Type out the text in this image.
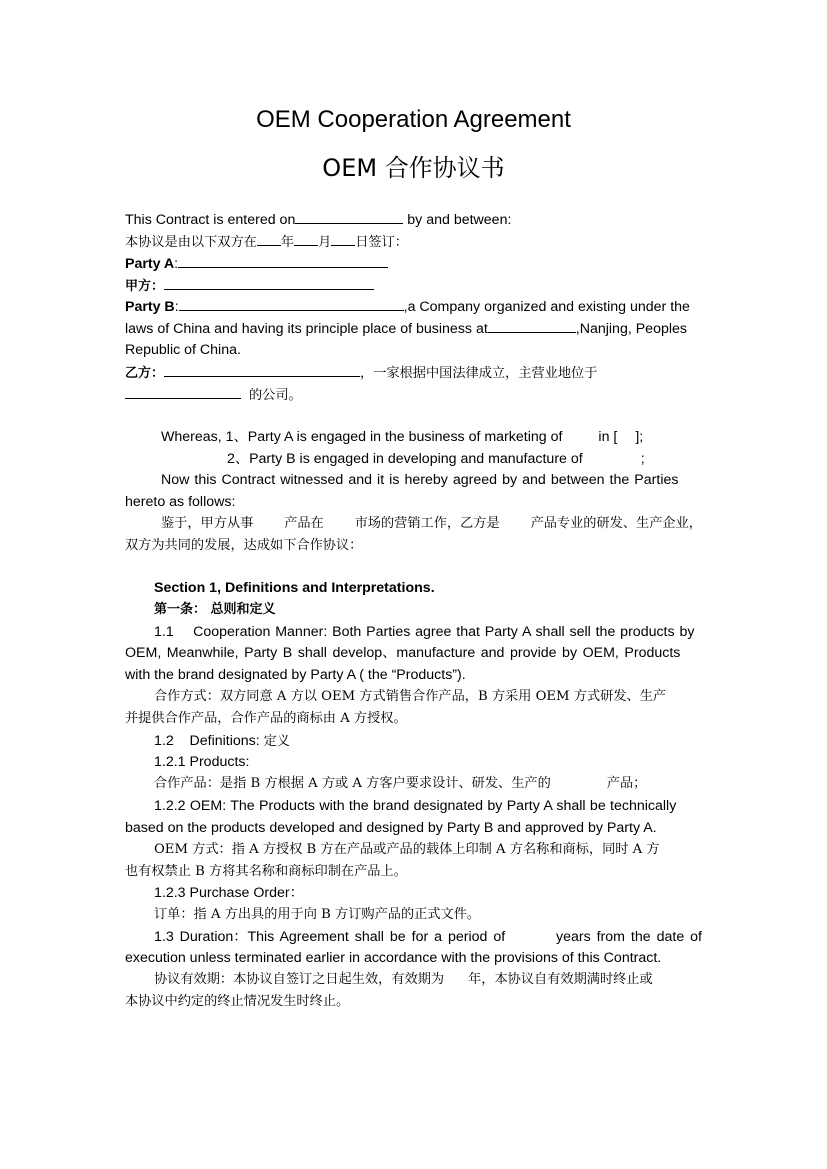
OEM Cooperation Agreement
OEM 合作协议书
This Contract is entered on	by and between:
本协议是由以下双方在 年 月 日签订：
Party A:
甲方：
Party B:	,a Company organized and existing under the
laws of China and having its principle place of business at	,Nanjing, Peoples
Republic of China.
乙方：	，一家根据中国法律成立，主营业地位于
的公司。
Whereas, 1、Party A is engaged in the business of marketing of	in [ ];
2、Party B is engaged in developing and manufacture of	;
Now this Contract witnessed and it is hereby agreed by and between the Parties
hereto as follows:
鉴于，甲方从事 产品在 市场的营销工作，乙方是 产品专业的研发、生产企业，
双方为共同的发展，达成如下合作协议：
Section 1, Definitions and Interpretations.
第一条： 总则和定义
1.1    Cooperation Manner: Both Parties agree that Party A shall sell the products by
OEM, Meanwhile, Party B shall develop、manufacture and provide by OEM, Products
with the brand designated by Party A ( the “Products”).
合作方式：双方同意 A 方以 OEM 方式销售合作产品，B 方采用 OEM 方式研发、生产
并提供合作产品，合作产品的商标由 A 方授权。
1.2    Definitions: 定义
1.2.1 Products:
合作产品：是指 B 方根据 A 方或 A 方客户要求设计、研发、生产的	产品；
1.2.2 OEM: The Products with the brand designated by Party A shall be technically
based on the products developed and designed by Party B and approved by Party A.
OEM 方式：指 A 方授权 B 方在产品或产品的载体上印制 A 方名称和商标，同时 A 方
也有权禁止 B 方将其名称和商标印制在产品上。
1.2.3 Purchase Order：
订单：指 A 方出具的用于向 B 方订购产品的正式文件。
1.3 Duration：This Agreement shall be for a period of	years from the date of
execution unless terminated earlier in accordance with the provisions of this Contract.
协议有效期：本协议自签订之日起生效，有效期为 年，本协议自有效期满时终止或
本协议中约定的终止情况发生时终止。
